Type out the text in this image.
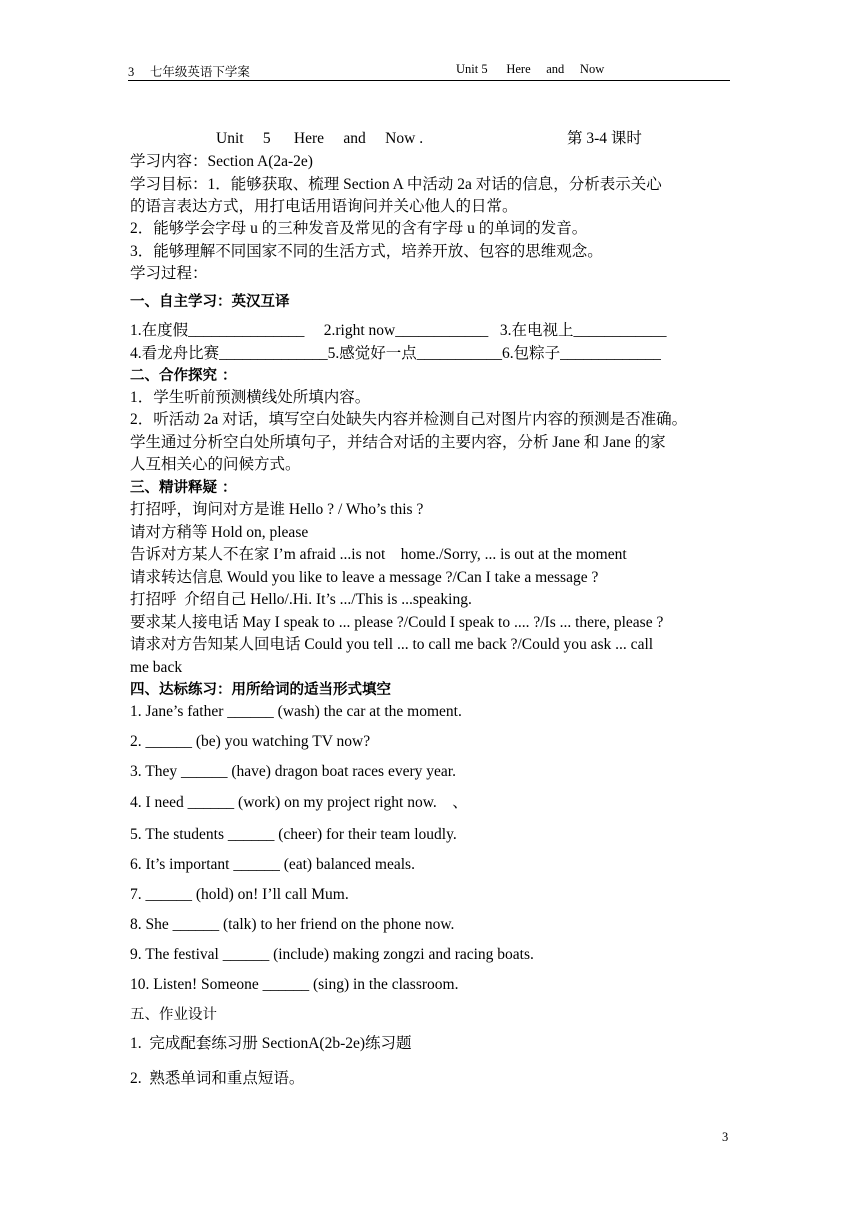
3     七年级英语下学案	Unit 5      Here     and     Now
Unit     5      Here     and     Now .	第 3-4 课时
学习内容：Section A(2a-2e)
学习目标：1．能够获取、梳理 Section A 中活动 2a 对话的信息，分析表示关心
的语言表达方式，用打电话用语询问并关心他人的日常。
2．能够学会字母 u 的三种发音及常见的含有字母 u 的单词的发音。
3．能够理解不同国家不同的生活方式，培养开放、包容的思维观念。
学习过程：
一、自主学习：英汉互译
1.在度假_______________     2.right now____________   3.在电视上____________
4.看龙舟比赛______________5.感觉好一点___________6.包粽子_____________
二、合作探究 ：
1．学生听前预测横线处所填内容。
2．听活动 2a 对话，填写空白处缺失内容并检测自己对图片内容的预测是否准确。
学生通过分析空白处所填句子，并结合对话的主要内容，分析 Jane 和 Jane 的家
人互相关心的问候方式。
三、精讲释疑 ：
打招呼，询问对方是谁 Hello ? / Who’s this ?
请对方稍等 Hold on, please
告诉对方某人不在家 I’m afraid ...is not    home./Sorry, ... is out at the moment
请求转达信息 Would you like to leave a message ?/Can I take a message ?
打招呼  介绍自己 Hello/.Hi. It’s .../This is ...speaking.
要求某人接电话 May I speak to ... please ?/Could I speak to .... ?/Is ... there, please ?
请求对方告知某人回电话 Could you tell ... to call me back ?/Could you ask ... call
me back
四、达标练习：用所给词的适当形式填空
1. Jane’s father ______ (wash) the car at the moment.
2. ______ (be) you watching TV now?
3. They ______ (have) dragon boat races every year.
4. I need ______ (work) on my project right now.    、
5. The students ______ (cheer) for their team loudly.
6. It’s important ______ (eat) balanced meals.
7. ______ (hold) on! I’ll call Mum.
8. She ______ (talk) to her friend on the phone now.
9. The festival ______ (include) making zongzi and racing boats.
10. Listen! Someone ______ (sing) in the classroom.
五、作业设计
1.  完成配套练习册 SectionA(2b-2e)练习题
2.  熟悉单词和重点短语。
3
